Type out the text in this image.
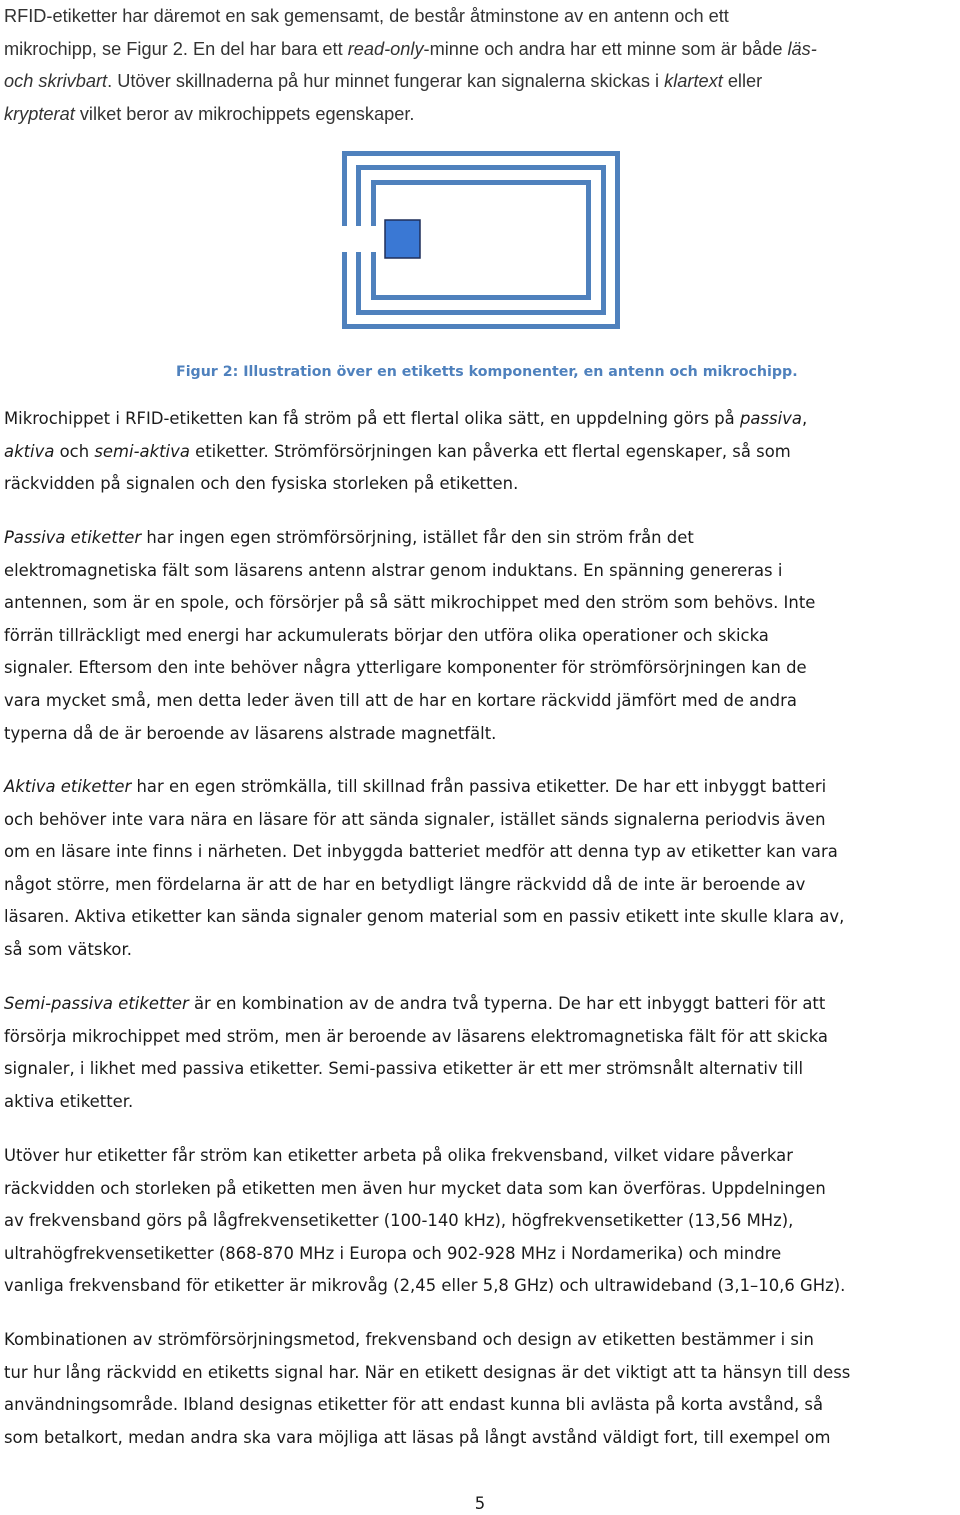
RFID-etiketter har däremot en sak gemensamt, de består åtminstone av en antenn och ett
mikrochipp, se Figur 2. En del har bara ett read-only-minne och andra har ett minne som är både läs-
och skrivbart. Utöver skillnaderna på hur minnet fungerar kan signalerna skickas i klartext eller
krypterat vilket beror av mikrochippets egenskaper.
Figur 2: Illustration över en etiketts komponenter, en antenn och mikrochipp.
Mikrochippet i RFID-etiketten kan få ström på ett flertal olika sätt, en uppdelning görs på passiva,
aktiva och semi-aktiva etiketter. Strömförsörjningen kan påverka ett flertal egenskaper, så som
räckvidden på signalen och den fysiska storleken på etiketten.
Passiva etiketter har ingen egen strömförsörjning, istället får den sin ström från det
elektromagnetiska fält som läsarens antenn alstrar genom induktans. En spänning genereras i
antennen, som är en spole, och försörjer på så sätt mikrochippet med den ström som behövs. Inte
förrän tillräckligt med energi har ackumulerats börjar den utföra olika operationer och skicka
signaler. Eftersom den inte behöver några ytterligare komponenter för strömförsörjningen kan de
vara mycket små, men detta leder även till att de har en kortare räckvidd jämfört med de andra
typerna då de är beroende av läsarens alstrade magnetfält.
Aktiva etiketter har en egen strömkälla, till skillnad från passiva etiketter. De har ett inbyggt batteri
och behöver inte vara nära en läsare för att sända signaler, istället sänds signalerna periodvis även
om en läsare inte finns i närheten. Det inbyggda batteriet medför att denna typ av etiketter kan vara
något större, men fördelarna är att de har en betydligt längre räckvidd då de inte är beroende av
läsaren. Aktiva etiketter kan sända signaler genom material som en passiv etikett inte skulle klara av,
så som vätskor.
Semi-passiva etiketter är en kombination av de andra två typerna. De har ett inbyggt batteri för att
försörja mikrochippet med ström, men är beroende av läsarens elektromagnetiska fält för att skicka
signaler, i likhet med passiva etiketter. Semi-passiva etiketter är ett mer strömsnålt alternativ till
aktiva etiketter.
Utöver hur etiketter får ström kan etiketter arbeta på olika frekvensband, vilket vidare påverkar
räckvidden och storleken på etiketten men även hur mycket data som kan överföras. Uppdelningen
av frekvensband görs på lågfrekvensetiketter (100-140 kHz), högfrekvensetiketter (13,56 MHz),
ultrahögfrekvensetiketter (868-870 MHz i Europa och 902-928 MHz i Nordamerika) och mindre
vanliga frekvensband för etiketter är mikrovåg (2,45 eller 5,8 GHz) och ultrawideband (3,1–10,6 GHz).
Kombinationen av strömförsörjningsmetod, frekvensband och design av etiketten bestämmer i sin
tur hur lång räckvidd en etiketts signal har. När en etikett designas är det viktigt att ta hänsyn till dess
användningsområde. Ibland designas etiketter för att endast kunna bli avlästa på korta avstånd, så
som betalkort, medan andra ska vara möjliga att läsas på långt avstånd väldigt fort, till exempel om
5
